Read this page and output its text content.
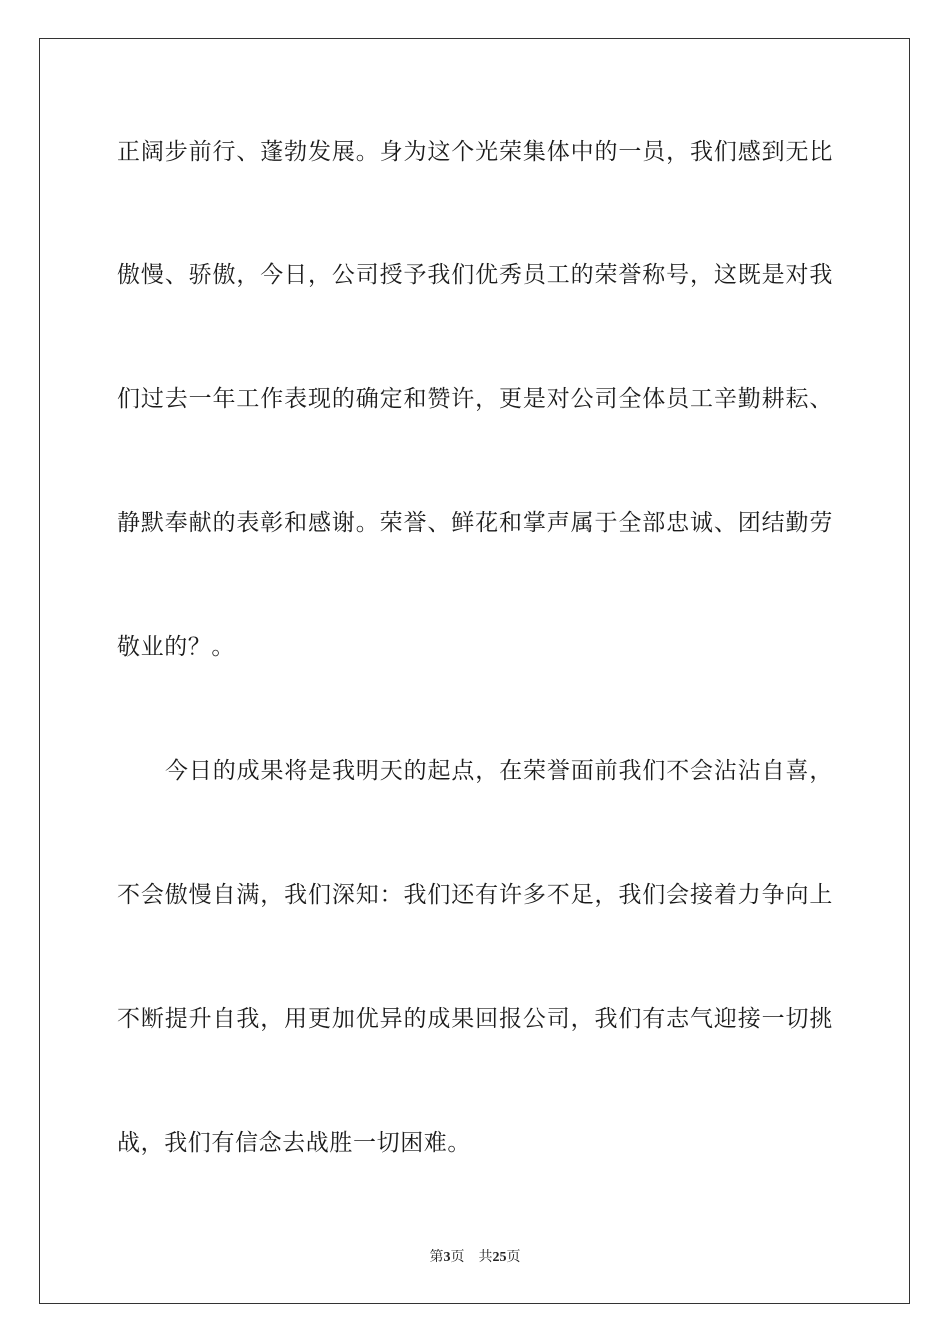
正阔步前行、蓬勃发展。身为这个光荣集体中的一员，我们感到无比
傲慢、骄傲，今日，公司授予我们优秀员工的荣誉称号，这既是对我
们过去一年工作表现的确定和赞许，更是对公司全体员工辛勤耕耘、
静默奉献的表彰和感谢。荣誉、鲜花和掌声属于全部忠诚、团结勤劳
敬业的？。
今日的成果将是我明天的起点，在荣誉面前我们不会沾沾自喜，
不会傲慢自满，我们深知：我们还有许多不足，我们会接着力争向上
不断提升自我，用更加优异的成果回报公司，我们有志气迎接一切挑
战，我们有信念去战胜一切困难。
第3页 共25页
